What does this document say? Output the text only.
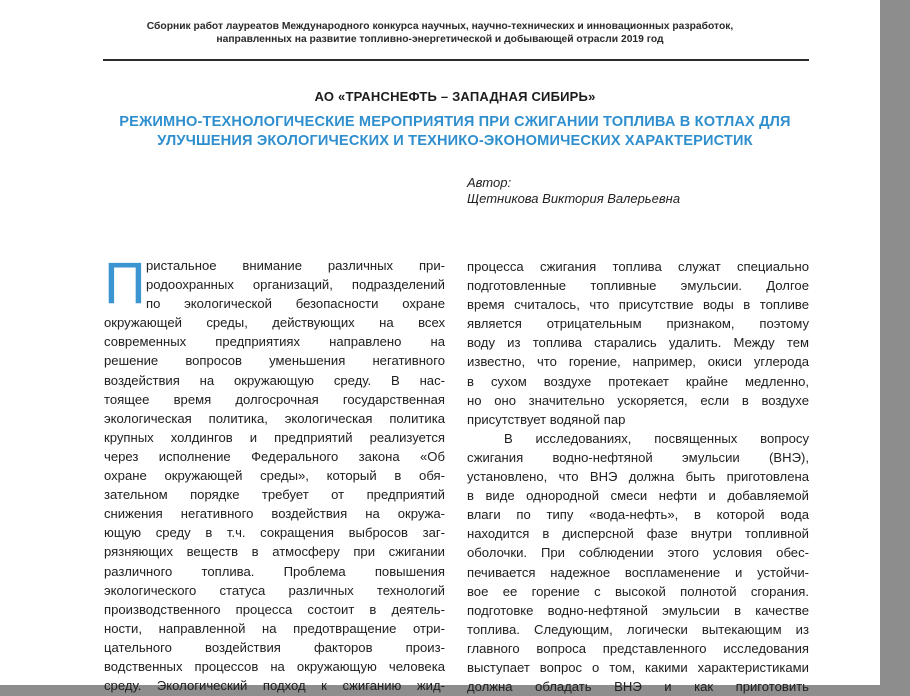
Сборник работ лауреатов Международного конкурса научных, научно-технических и инновационных разработок,
направленных на развитие топливно-энергетической и добывающей отрасли 2019 год
АО «ТРАНСНЕФТЬ – ЗАПАДНАЯ СИБИРЬ»
РЕЖИМНО-ТЕХНОЛОГИЧЕСКИЕ МЕРОПРИЯТИЯ ПРИ СЖИГАНИИ ТОПЛИВА В КОТЛАХ ДЛЯ
УЛУЧШЕНИЯ ЭКОЛОГИЧЕСКИХ И ТЕХНИКО-ЭКОНОМИЧЕСКИХ ХАРАКТЕРИСТИК
Автор:
Щетникова Виктория Валерьевна
П ристальное внимание различных при-
родоохранных организаций, подразделений
по экологической безопасности охране
окружающей среды, действующих на всех
современных предприятиях направлено на
решение вопросов уменьшения негативного
воздействия на окружающую среду. В нас-
тоящее время долгосрочная государственная
экологическая политика, экологическая политика
крупных холдингов и предприятий реализуется
через исполнение Федерального закона «Об
охране окружающей среды», который в обя-
зательном порядке требует от предприятий
снижения негативного воздействия на окружа-
ющую среду в т.ч. сокращения выбросов заг-
рязняющих веществ в атмосферу при сжигании
различного топлива. Проблема повышения
экологического статуса различных технологий
производственного процесса состоит в деятель-
ности, направленной на предотвращение отри-
цательного воздействия факторов произ-
водственных процессов на окружающую человека
среду. Экологический подход к сжиганию жид-
процесса сжигания топлива служат специально
подготовленные топливные эмульсии. Долгое
время считалось, что присутствие воды в топливе
является отрицательным признаком, поэтому
воду из топлива старались удалить. Между тем
известно, что горение, например, окиси углерода
в сухом воздухе протекает крайне медленно,
но оно значительно ускоряется, если в воздухе
присутствует водяной пар
В исследованиях, посвященных вопросу
сжигания водно-нефтяной эмульсии (ВНЭ),
установлено, что ВНЭ должна быть приготовлена
в виде однородной смеси нефти и добавляемой
влаги по типу «вода-нефть», в которой вода
находится в дисперсной фазе внутри топливной
оболочки. При соблюдении этого условия обес-
печивается надежное воспламенение и устойчи-
вое ее горение с высокой полнотой сгорания.
подготовке водно-нефтяной эмульсии в качестве
топлива. Следующим, логически вытекающим из
главного вопроса представленного исследования
выступает вопрос о том, какими характеристиками
должна обладать ВНЭ и как приготовить
